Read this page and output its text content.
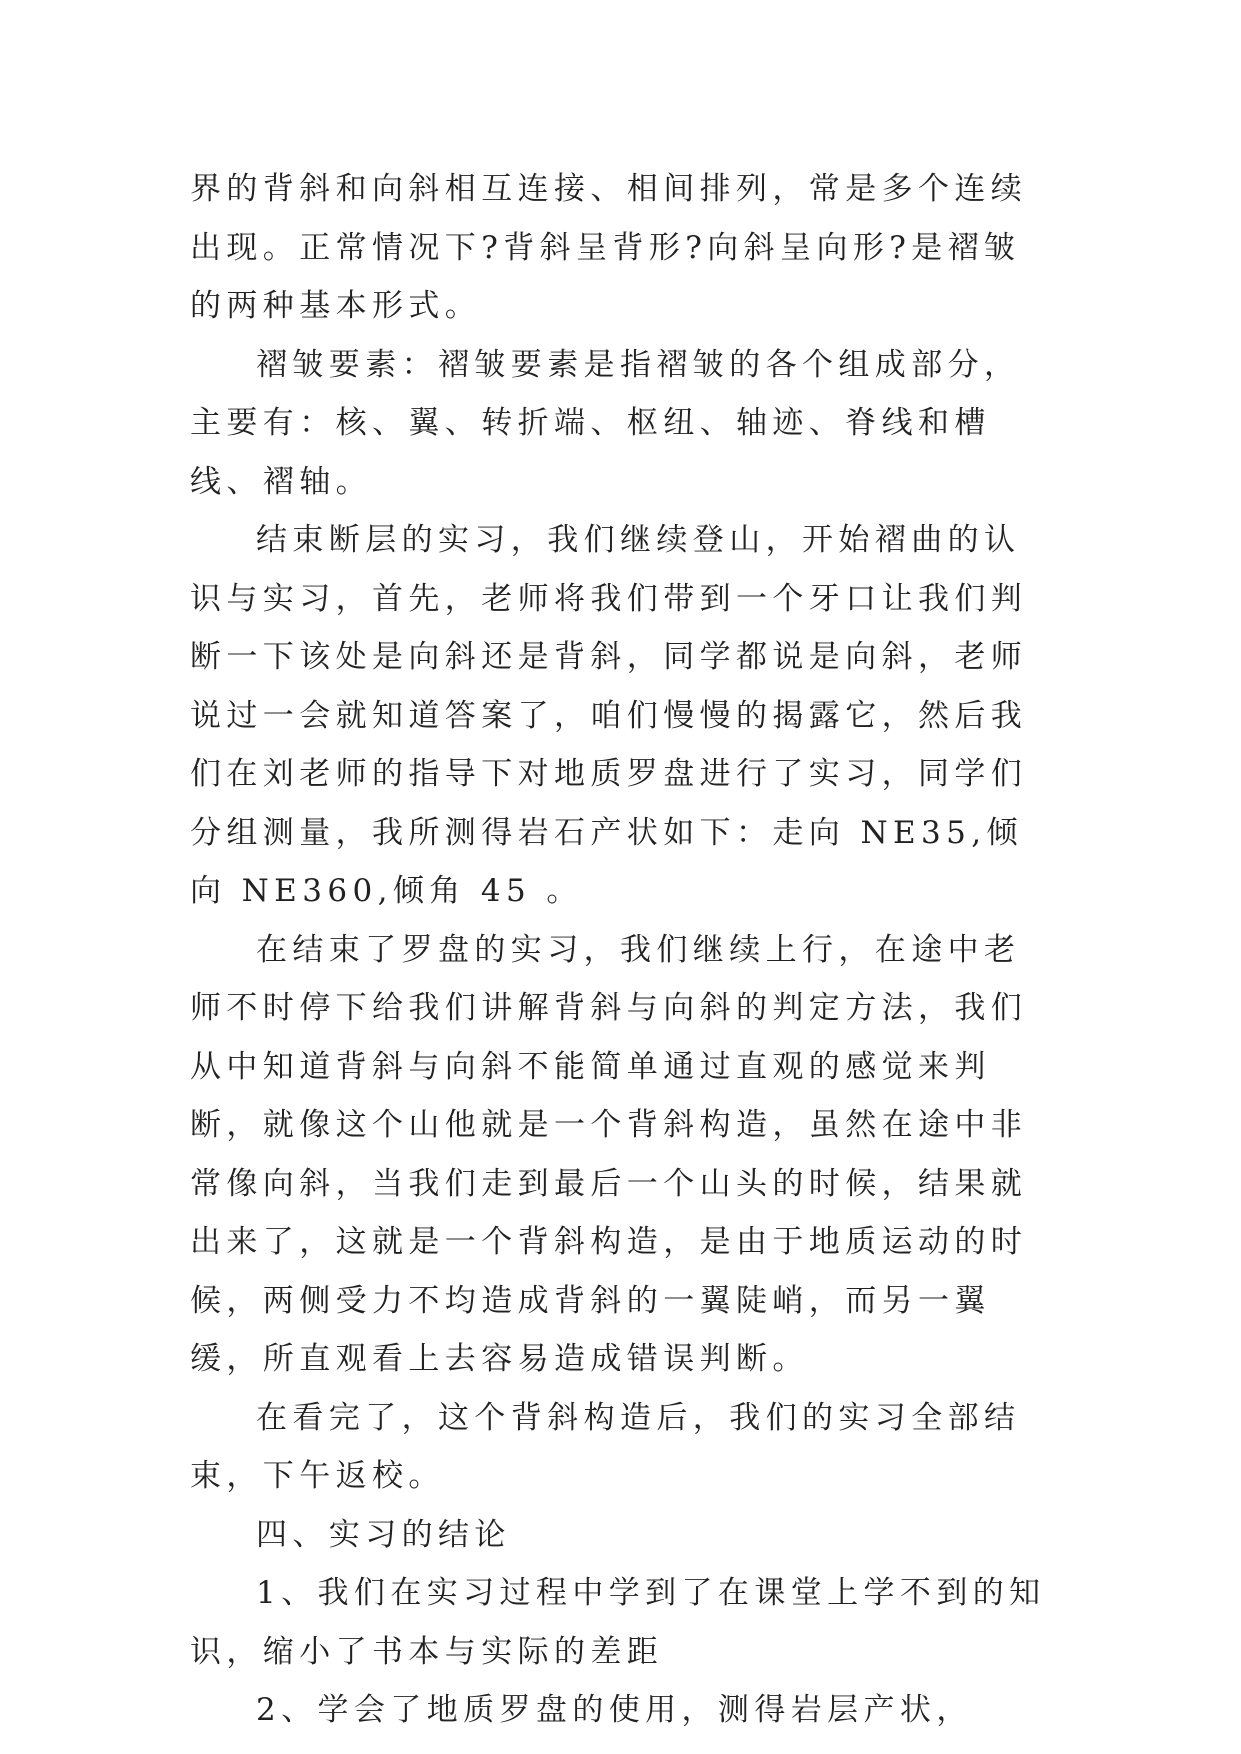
界的背斜和向斜相互连接、相间排列，常是多个连续出现。正常情况下?背斜呈背形?向斜呈向形?是褶皱的两种基本形式。

褶皱要素：褶皱要素是指褶皱的各个组成部分，主要有：核、翼、转折端、枢纽、轴迹、脊线和槽线、褶轴。

结束断层的实习，我们继续登山，开始褶曲的认识与实习，首先，老师将我们带到一个牙口让我们判断一下该处是向斜还是背斜，同学都说是向斜，老师说过一会就知道答案了，咱们慢慢的揭露它，然后我们在刘老师的指导下对地质罗盘进行了实习，同学们分组测量，我所测得岩石产状如下：走向 NE35,倾向 NE360,倾角 45 。

在结束了罗盘的实习，我们继续上行，在途中老师不时停下给我们讲解背斜与向斜的判定方法，我们从中知道背斜与向斜不能简单通过直观的感觉来判断，就像这个山他就是一个背斜构造，虽然在途中非常像向斜，当我们走到最后一个山头的时候，结果就出来了，这就是一个背斜构造，是由于地质运动的时候，两侧受力不均造成背斜的一翼陡峭，而另一翼缓，所直观看上去容易造成错误判断。

在看完了，这个背斜构造后，我们的实习全部结束，下午返校。

四、实习的结论

1、我们在实习过程中学到了在课堂上学不到的知识，缩小了书本与实际的差距

2、学会了地质罗盘的使用，测得岩层产状，
